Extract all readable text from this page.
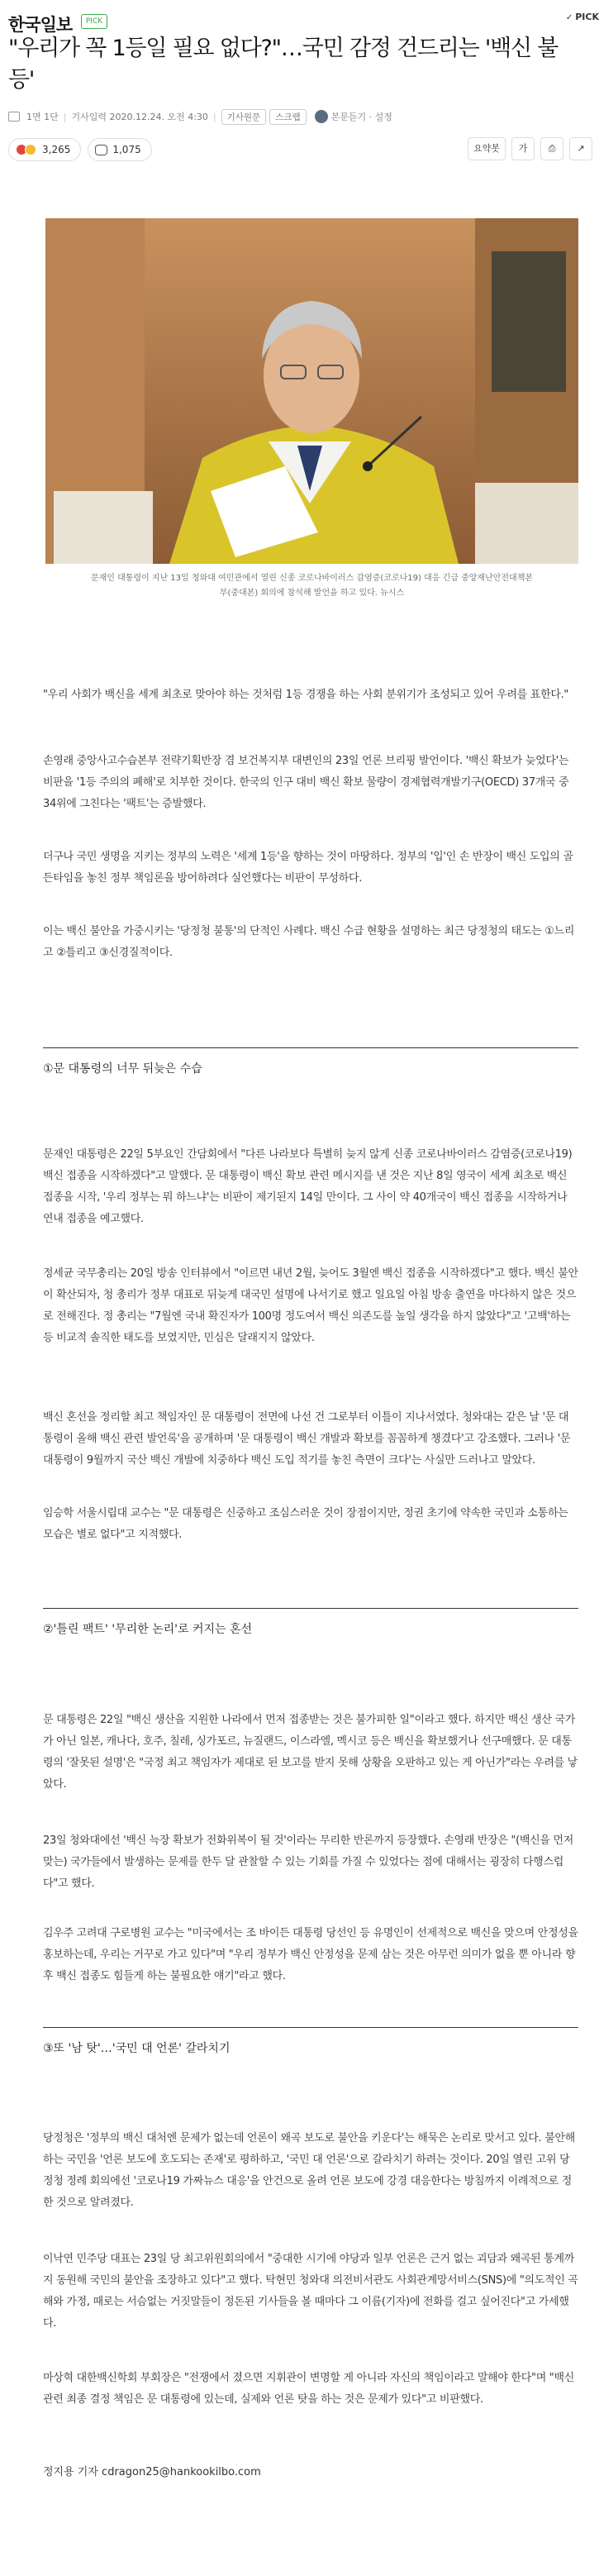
한국일보	PICK	✓ PICK
"우리가 꼭 1등일 필요 없다?"…국민 감정 건드리는 '백신 불
등'
1면 1단 | 기사입력 2020.12.24. 오전 4:30 |	기사원문	스크랩	본문듣기 · 설정
3,265	1,075	요약봇	가	⎙	↗
문재인 대통령이 지난 13일 청와대 여민관에서 열린 신종 코로나바이러스 감염증(코로나19) 대응 긴급 중앙재난안전대책본
부(중대본) 회의에 참석해 발언을 하고 있다. 뉴시스

"우리 사회가 백신을 세계 최초로 맞아야 하는 것처럼 1등 경쟁을 하는 사회 분위기가 조성되고 있어 우려를 표한다."

손영래 중앙사고수습본부 전략기획반장 겸 보건복지부 대변인의 23일 언론 브리핑 발언이다. '백신 확보가 늦었다'는 비판을 '1등 주의의 폐해'로 치부한 것이다. 한국의 인구 대비 백신 확보 물량이 경제협력개발기구(OECD) 37개국 중 34위에 그친다는 '팩트'는 증발했다.

더구나 국민 생명을 지키는 정부의 노력은 '세계 1등'을 향하는 것이 마땅하다. 정부의 '입'인 손 반장이 백신 도입의 골든타임을 놓친 정부 책임론을 방어하려다 실언했다는 비판이 무성하다.

이는 백신 불안을 가중시키는 '당정청 불통'의 단적인 사례다. 백신 수급 현황을 설명하는 최근 당정청의 태도는 ①느리고 ②틀리고 ③신경질적이다.

①문 대통령의 너무 뒤늦은 수습

문재인 대통령은 22일 5부요인 간담회에서 "다른 나라보다 특별히 늦지 않게 신종 코로나바이러스 감염증(코로나19) 백신 접종을 시작하겠다"고 말했다. 문 대통령이 백신 확보 관련 메시지를 낸 것은 지난 8일 영국이 세계 최초로 백신 접종을 시작, '우리 정부는 뭐 하느냐'는 비판이 제기된지 14일 만이다. 그 사이 약 40개국이 백신 접종을 시작하거나 연내 접종을 예고했다.

정세균 국무총리는 20일 방송 인터뷰에서 "이르면 내년 2월, 늦어도 3월엔 백신 접종을 시작하겠다"고 했다. 백신 불안이 확산되자, 청 총리가 정부 대표로 뒤늦게 대국민 설명에 나서기로 했고 일요일 아침 방송 출연을 마다하지 않은 것으로 전해진다. 정 총리는 "7월엔 국내 확진자가 100명 정도여서 백신 의존도를 높일 생각을 하지 않았다"고 '고백'하는 등 비교적 솔직한 태도를 보였지만, 민심은 달래지지 않았다.

백신 혼선을 정리할 최고 책임자인 문 대통령이 전면에 나선 건 그로부터 이틀이 지나서였다. 청와대는 같은 날 '문 대통령이 올해 백신 관련 발언록'을 공개하며 '문 대통령이 백신 개발과 확보를 꼼꼼하게 챙겼다'고 강조했다. 그러나 '문 대통령이 9월까지 국산 백신 개발에 치중하다 백신 도입 적기를 놓친 측면이 크다'는 사실만 드러나고 말았다.

임승학 서울시립대 교수는 "문 대통령은 신중하고 조심스러운 것이 장점이지만, 정권 초기에 약속한 국민과 소통하는 모습은 별로 없다"고 지적했다.

②'틀린 팩트' '무리한 논리'로 커지는 혼선

문 대통령은 22일 "백신 생산을 지원한 나라에서 먼저 접종받는 것은 불가피한 일"이라고 했다. 하지만 백신 생산 국가가 아닌 일본, 캐나다, 호주, 칠레, 싱가포르, 뉴질랜드, 이스라엘, 멕시코 등은 백신을 확보했거나 선구매했다. 문 대통령의 '잘못된 설명'은 "국정 최고 책임자가 제대로 된 보고를 받지 못해 상황을 오판하고 있는 게 아닌가"라는 우려를 낳았다.

23일 청와대에선 '백신 늑장 확보가 전화위복이 될 것'이라는 무리한 반론까지 등장했다. 손영래 반장은 "(백신을 먼저 맞는) 국가들에서 발생하는 문제를 한두 달 관찰할 수 있는 기회를 가질 수 있었다는 점에 대해서는 굉장히 다행스럽다"고 했다.

김우주 고려대 구로병원 교수는 "미국에서는 조 바이든 대통령 당선인 등 유명인이 선제적으로 백신을 맞으며 안정성을 홍보하는데, 우리는 거꾸로 가고 있다"며 "우리 정부가 백신 안정성을 문제 삼는 것은 아무런 의미가 없을 뿐 아니라 향후 백신 접종도 힘들게 하는 불필요한 얘기"라고 했다.

③또 '남 탓'…'국민 대 언론' 갈라치기

당정청은 '정부의 백신 대처엔 문제가 없는데 언론이 왜곡 보도로 불안을 키운다'는 해묵은 논리로 맞서고 있다. 불안해하는 국민을 '언론 보도에 호도되는 존재'로 평하하고, '국민 대 언론'으로 갈라치기 하려는 것이다. 20일 열린 고위 당정청 정례 회의에선 '코로나19 가짜뉴스 대응'을 안건으로 올려 언론 보도에 강경 대응한다는 방침까지 이례적으로 정한 것으로 알려졌다.

이낙연 민주당 대표는 23일 당 최고위원회의에서 "중대한 시기에 야당과 일부 언론은 근거 없는 괴담과 왜곡된 통계까지 동원해 국민의 불안을 조장하고 있다"고 했다. 탁현민 청와대 의전비서관도 사회관계망서비스(SNS)에 "의도적인 곡해와 가정, 때로는 서슴없는 거짓말들이 정돈된 기사들을 볼 때마다 그 이름(기자)에 전화를 걸고 싶어진다"고 가세했다.

마상혁 대한백신학회 부회장은 "전쟁에서 졌으면 지휘관이 변명할 게 아니라 자신의 책임이라고 말해야 한다"며 "백신 관련 최종 결정 책임은 문 대통령에 있는데, 실제와 언론 탓을 하는 것은 문제가 있다"고 비판했다.

정지용 기자 cdragon25@hankookilbo.com
